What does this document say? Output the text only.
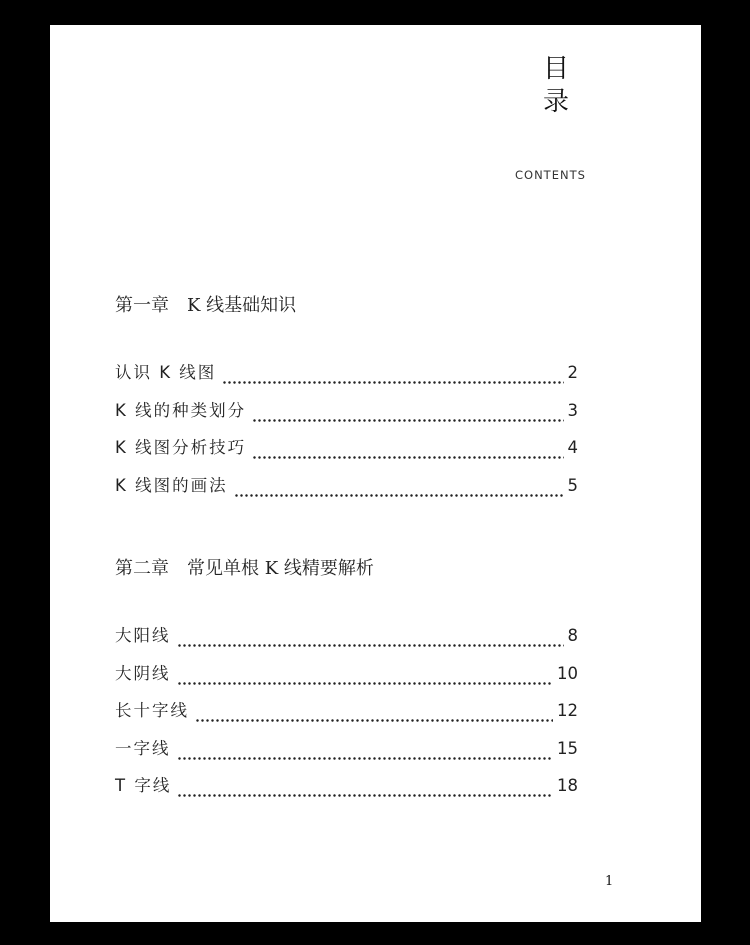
目
录
CONTENTS
第一章 K 线基础知识
认识 K 线图	2
K 线的种类划分	3
K 线图分析技巧	4
K 线图的画法	5
第二章 常见单根 K 线精要解析
大阳线	8
大阴线	10
长十字线	12
一字线	15
T 字线	18
1
